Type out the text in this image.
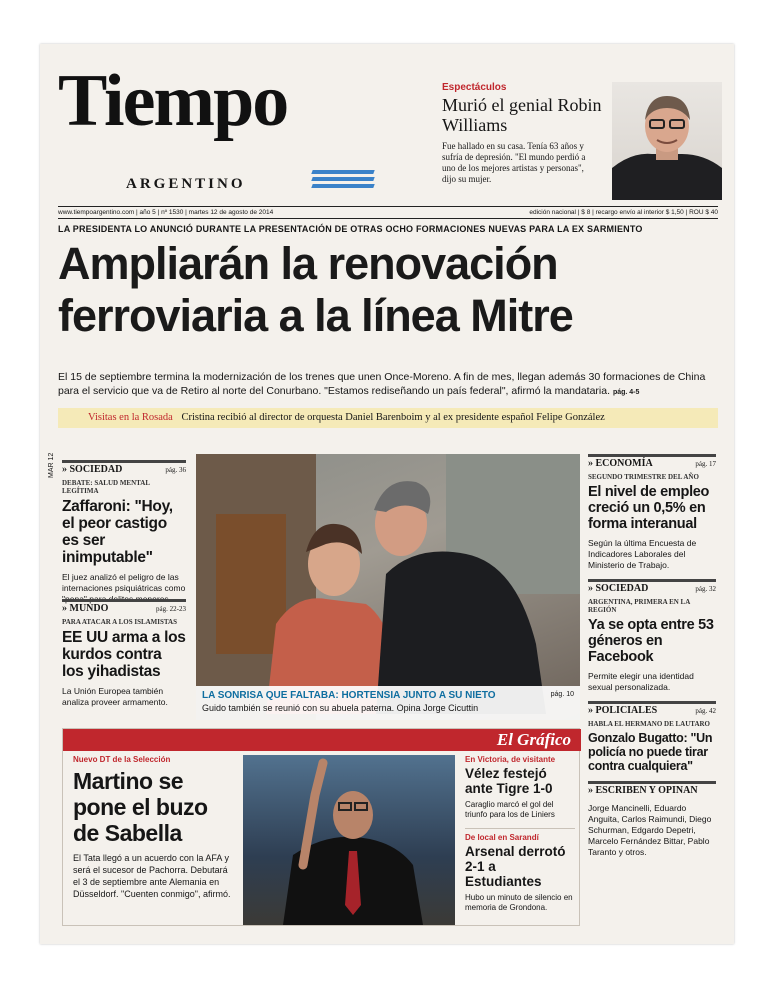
Tiempo
ARGENTINO
Espectáculos
Murió el genial Robin Williams
Fue hallado en su casa. Tenía 63 años y sufría de depresión. "El mundo perdió a uno de los mejores artistas y personas", dijo su mujer.
www.tiempoargentino.com | año 5 | nº 1530 | martes 12 de agosto de 2014	edición nacional | $ 8 | recargo envío al interior $ 1,50 | ROU $ 40
LA PRESIDENTA LO ANUNCIÓ DURANTE LA PRESENTACIÓN DE OTRAS OCHO FORMACIONES NUEVAS PARA LA EX SARMIENTO
Ampliarán la renovación
ferroviaria a la línea Mitre
El 15 de septiembre termina la modernización de los trenes que unen Once-Moreno. A fin de mes, llegan además 30 formaciones de China para el servicio que va de Retiro al norte del Conurbano. "Estamos rediseñando un país federal", afirmó la mandataria. pág. 4-5
Visitas en la Rosada Cristina recibió al director de orquesta Daniel Barenboim y al ex presidente español Felipe González
MAR 12 » SOCIEDAD	pág. 36
DEBATE: SALUD MENTAL LEGÍTIMA
Zaffaroni: "Hoy, el peor castigo es ser inimputable"
El juez analizó el peligro de las internaciones psiquiátricas como "pena" para delitos menores.
» MUNDO	pág. 22-23
PARA ATACAR A LOS ISLAMISTAS
EE UU arma a los kurdos contra los yihadistas
La Unión Europea también analiza proveer armamento.
LA SONRISA QUE FALTABA: HORTENSIA JUNTO A SU NIETO
Guido también se reunió con su abuela paterna. Opina Jorge Cicuttin
pág. 10
» ECONOMÍA	pág. 17
SEGUNDO TRIMESTRE DEL AÑO
El nivel de empleo creció un 0,5% en forma interanual
Según la última Encuesta de Indicadores Laborales del Ministerio de Trabajo.
» SOCIEDAD	pág. 32
ARGENTINA, PRIMERA EN LA REGIÓN
Ya se opta entre 53 géneros en Facebook
Permite elegir una identidad sexual personalizada.
» POLICIALES	pág. 42
HABLA EL HERMANO DE LAUTARO
Gonzalo Bugatto: "Un policía no puede tirar contra cualquiera"
» ESCRIBEN Y OPINAN
Jorge Mancinelli, Eduardo Anguita, Carlos Raimundi, Diego Schurman, Edgardo Depetri, Marcelo Fernández Bittar, Pablo Taranto y otros.
El Gráfico
Nuevo DT de la Selección
Martino se pone el buzo de Sabella
El Tata llegó a un acuerdo con la AFA y será el sucesor de Pachorra. Debutará el 3 de septiembre ante Alemania en Düsseldorf. "Cuenten conmigo", afirmó.
En Victoria, de visitante
Vélez festejó ante Tigre 1-0
Caraglio marcó el gol del triunfo para los de Liniers
De local en Sarandí
Arsenal derrotó 2-1 a Estudiantes
Hubo un minuto de silencio en memoria de Grondona.
